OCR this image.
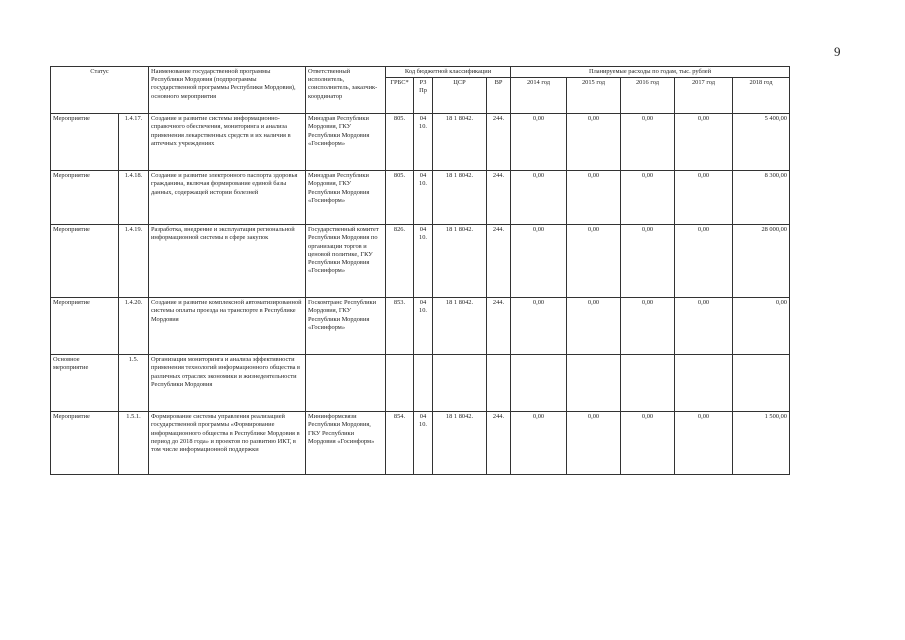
9
Статус		Наименование государственной программы Республики Мордовия (подпрограммы государственной программы Республики Мордовия), основного мероприятия	Ответственный исполнитель, соисполнитель, заказчик-координатор	Код бюджетной классификации				Планируемые расходы по годам, тыс. рублей				
				ГРБС*	РЗ Пр	ЦСР	ВР	2014 год	2015 год	2016 год	2017 год	2018 год
Мероприятие	1.4.17.	Создание и развитие системы информационно-справочного обеспечения, мониторинга и анализа применения лекарственных средств и их наличия в аптечных учреждениях	Минздрав Республики Мордовия, ГКУ Республики Мордовия «Госинформ»	805.	04 10.	18 1 8042.	244.	0,00	0,00	0,00	0,00	5 400,00
Мероприятие	1.4.18.	Создание и развитие электронного паспорта здоровья гражданина, включая формирование единой базы данных, содержащей истории болезней	Минздрав Республики Мордовия, ГКУ Республики Мордовия «Госинформ»	805.	04 10.	18 1 8042.	244.	0,00	0,00	0,00	0,00	8 300,00
Мероприятие	1.4.19.	Разработка, внедрение и эксплуатация региональной информационной системы в сфере закупок	Государственный комитет Республики Мордовия по организации торгов и ценовой политике, ГКУ Республики Мордовия «Госинформ»	826.	04 10.	18 1 8042.	244.	0,00	0,00	0,00	0,00	28 000,00
Мероприятие	1.4.20.	Создание и развитие комплексной автоматизированной системы оплаты проезда на транспорте в Республике Мордовия	Госкомтранс Республики Мордовия, ГКУ Республики Мордовия «Госинформ»	853.	04 10.	18 1 8042.	244.	0,00	0,00	0,00	0,00	0,00
Основное мероприятие	1.5.	Организация мониторинга и анализа эффективности применения технологий информационного общества в различных отраслях экономики и жизнедеятельности Республики Мордовия										
Мероприятие	1.5.1.	Формирование системы управления реализацией государственной программы «Формирование информационного общества в Республике Мордовия в период до 2018 года» и проектов по развитию ИКТ, в том числе информационной поддержки	Мининформсвязи Республики Мордовия, ГКУ Республики Мордовия «Госинформ»	854.	04 10.	18 1 8042.	244.	0,00	0,00	0,00	0,00	1 500,00
